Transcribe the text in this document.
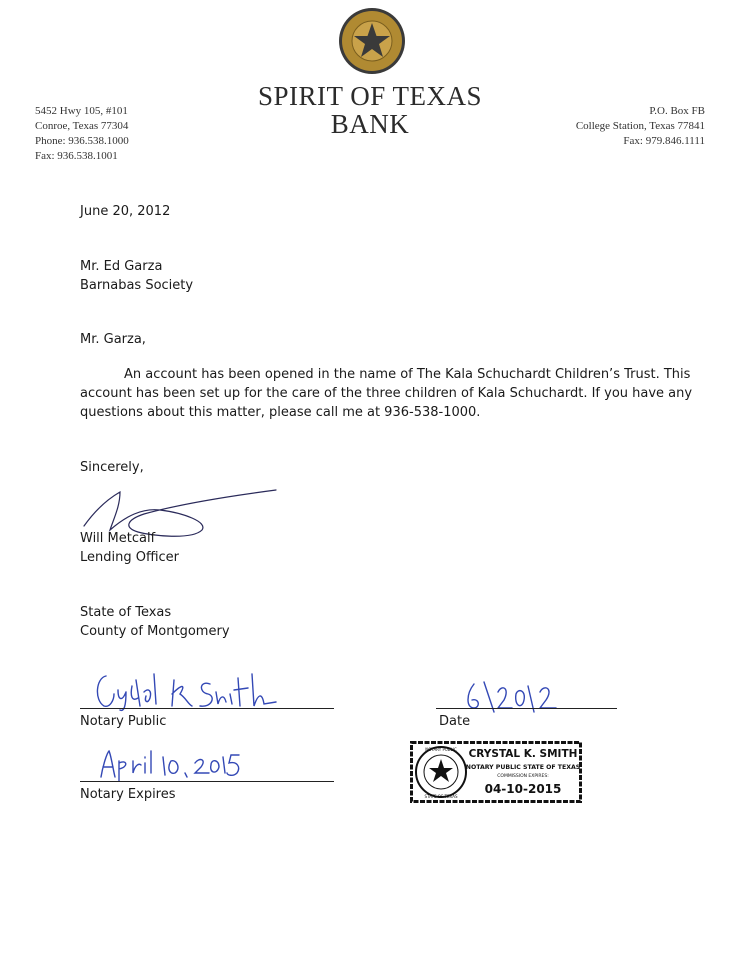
SPIRIT OF TEXAS
BANK
5452 Hwy 105, #101
Conroe, Texas 77304
Phone: 936.538.1000
Fax: 936.538.1001
P.O. Box FB
College Station, Texas 77841
Fax: 979.846.1111
June 20, 2012
Mr. Ed Garza
Barnabas Society
Mr. Garza,
An account has been opened in the name of The Kala Schuchardt Children’s Trust. This
account has been set up for the care of the three children of Kala Schuchardt. If you have any
questions about this matter, please call me at 936-538-1000.
Sincerely,
Will Metcalf
Lending Officer
State of Texas
County of Montgomery
Notary Public	Date
Notary Expires
NOTARY PUBLIC
STATE OF TEXAS
CRYSTAL K. SMITH
NOTARY PUBLIC STATE OF TEXAS
COMMISSION EXPIRES:
04-10-2015
